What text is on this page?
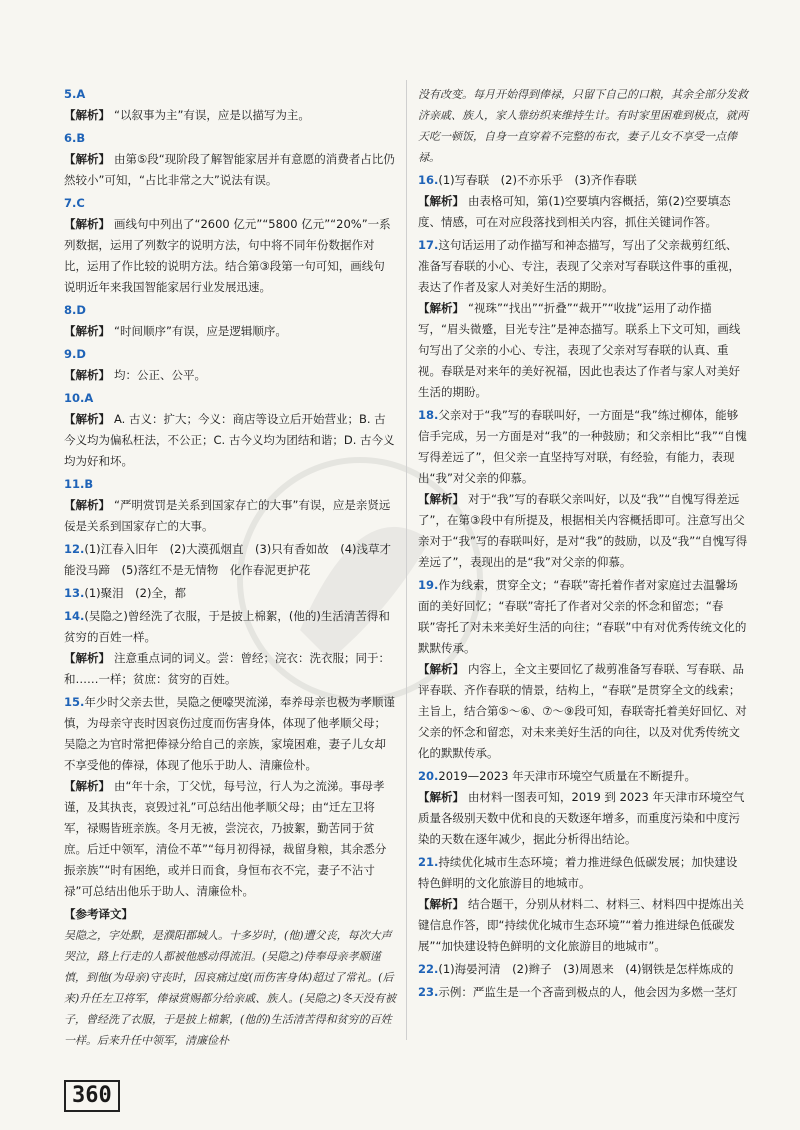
5.A
【解析】 “以叙事为主”有误，应是以描写为主。
6.B
【解析】 由第⑤段“现阶段了解智能家居并有意愿的消费者占比仍然较小”可知，“占比非常之大”说法有误。
7.C
【解析】 画线句中列出了“2600 亿元”“5800 亿元”“20%”一系列数据，运用了列数字的说明方法，句中将不同年份数据作对比，运用了作比较的说明方法。结合第③段第一句可知，画线句说明近年来我国智能家居行业发展迅速。
8.D
【解析】 “时间顺序”有误，应是逻辑顺序。
9.D
【解析】 均：公正、公平。
10.A
【解析】 A. 古义：扩大；今义：商店等设立后开始营业；B. 古今义均为偏私枉法，不公正；C. 古今义均为团结和谐；D. 古今义均为好和坏。
11.B
【解析】 “严明赏罚是关系到国家存亡的大事”有误，应是亲贤远佞是关系到国家存亡的大事。
12.(1)江春入旧年　(2)大漠孤烟直　(3)只有香如故　(4)浅草才能没马蹄　(5)落红不是无情物　化作春泥更护花
13.(1)聚泪　(2)全，都
14.(吴隐之)曾经洗了衣服，于是披上棉絮，(他的)生活清苦得和贫穷的百姓一样。
【解析】 注意重点词的词义。尝：曾经；浣衣：洗衣服；同于：和……一样；贫庶：贫穷的百姓。
15.年少时父亲去世，吴隐之便嚎哭流涕，奉养母亲也极为孝顺谨慎，为母亲守丧时因哀伤过度而伤害身体，体现了他孝顺父母；吴隐之为官时常把俸禄分给自己的亲族，家境困难，妻子儿女却不享受他的俸禄，体现了他乐于助人、清廉俭朴。
【解析】 由“年十余，丁父忧，每号泣，行人为之流涕。事母孝谨，及其执丧，哀毁过礼”可总结出他孝顺父母；由“迁左卫将军，禄赐皆班亲族。冬月无被，尝浣衣，乃披絮，勤苦同于贫庶。后迁中领军，清俭不革”“每月初得禄，裁留身粮，其余悉分振亲族”“时有困绝，或并日而食，身恒布衣不完，妻子不沾寸禄”可总结出他乐于助人、清廉俭朴。
【参考译文】
吴隐之，字处默，是濮阳郡城人。十多岁时，(他)遭父丧，每次大声哭泣，路上行走的人都被他感动得流泪。(吴隐之)侍奉母亲孝顺谨慎，到他(为母亲)守丧时，因哀痛过度(而伤害身体)超过了常礼。(后来)升任左卫将军，俸禄赏赐都分给亲戚、族人。(吴隐之)冬天没有被子，曾经洗了衣服，于是披上棉絮，(他的)生活清苦得和贫穷的百姓一样。后来升任中领军，清廉俭朴
没有改变。每月开始得到俸禄，只留下自己的口粮，其余全部分发救济亲戚、族人，家人靠纺织来维持生计。有时家里困难到极点，就两天吃一顿饭，自身一直穿着不完整的布衣，妻子儿女不享受一点俸禄。
16.(1)写春联　(2)不亦乐乎　(3)齐作春联
【解析】 由表格可知，第(1)空要填内容概括，第(2)空要填态度、情感，可在对应段落找到相关内容，抓住关键词作答。
17.这句话运用了动作描写和神态描写，写出了父亲裁剪红纸、准备写春联的小心、专注，表现了父亲对写春联这件事的重视，表达了作者及家人对美好生活的期盼。
【解析】 “视珠”“找出”“折叠”“裁开”“收拢”运用了动作描写，“眉头微蹙，目光专注”是神态描写。联系上下文可知，画线句写出了父亲的小心、专注，表现了父亲对写春联的认真、重视。春联是对来年的美好祝福，因此也表达了作者与家人对美好生活的期盼。
18.父亲对于“我”写的春联叫好，一方面是“我”练过柳体，能够信手完成，另一方面是对“我”的一种鼓励；和父亲相比“我”“自愧写得差远了”，但父亲一直坚持写对联，有经验，有能力，表现出“我”对父亲的仰慕。
【解析】 对于“我”写的春联父亲叫好，以及“我”“自愧写得差远了”，在第③段中有所提及，根据相关内容概括即可。注意写出父亲对于“我”写的春联叫好，是对“我”的鼓励，以及“我”“自愧写得差远了”，表现出的是“我”对父亲的仰慕。
19.作为线索，贯穿全文；“春联”寄托着作者对家庭过去温馨场面的美好回忆；“春联”寄托了作者对父亲的怀念和留恋；“春联”寄托了对未来美好生活的向往；“春联”中有对优秀传统文化的默默传承。
【解析】 内容上，全文主要回忆了裁剪准备写春联、写春联、品评春联、齐作春联的情景，结构上，“春联”是贯穿全文的线索；主旨上，结合第⑤～⑥、⑦～⑨段可知，春联寄托着美好回忆、对父亲的怀念和留恋，对未来美好生活的向往，以及对优秀传统文化的默默传承。
20.2019—2023 年天津市环境空气质量在不断提升。
【解析】 由材料一图表可知，2019 到 2023 年天津市环境空气质量各级别天数中优和良的天数逐年增多，而重度污染和中度污染的天数在逐年减少，据此分析得出结论。
21.持续优化城市生态环境；着力推进绿色低碳发展；加快建设特色鲜明的文化旅游目的地城市。
【解析】 结合题干，分别从材料二、材料三、材料四中提炼出关键信息作答，即“持续优化城市生态环境”“着力推进绿色低碳发展”“加快建设特色鲜明的文化旅游目的地城市”。
22.(1)海晏河清　(2)辫子　(3)周恩来　(4)钢铁是怎样炼成的
23.示例：严监生是一个吝啬到极点的人，他会因为多燃一茎灯
360
